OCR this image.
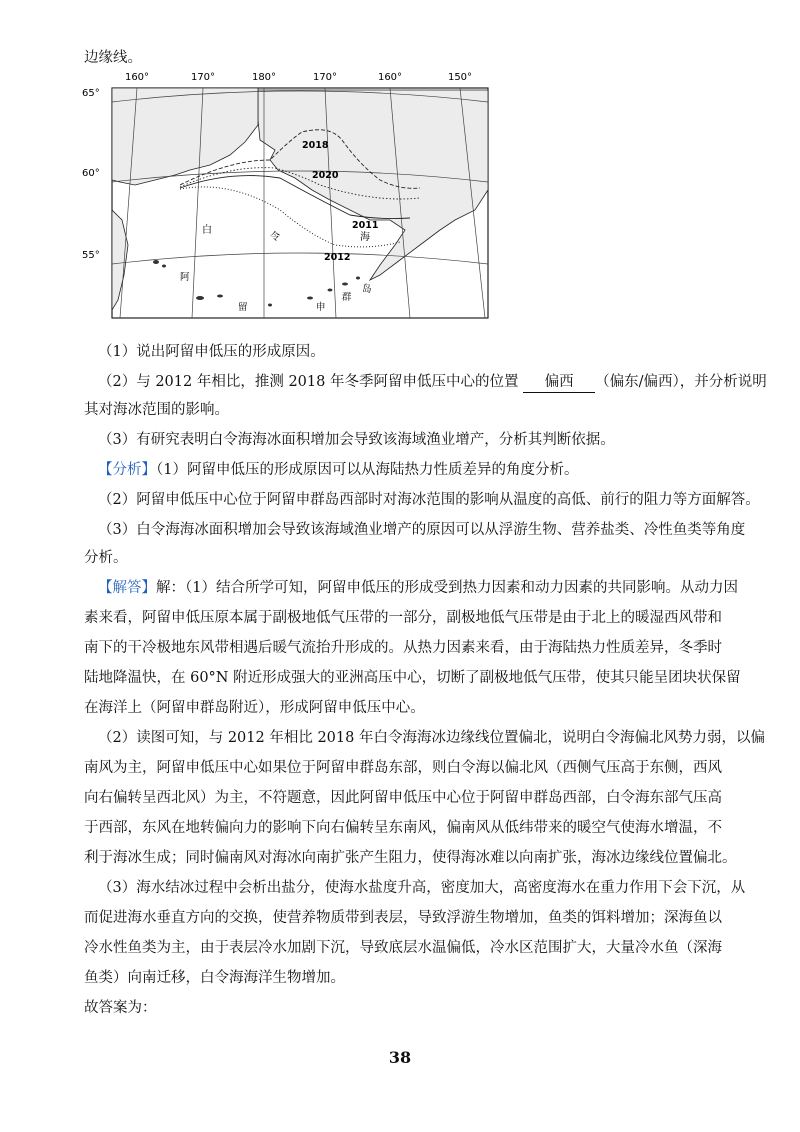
边缘线。
160°	170°	180°	170°	160°	150°
65°
60°
55°
2018
2020
2011
2012
白
令	海
阿
留	申
群
岛
（1）说出阿留申低压的形成原因。
（2）与 2012 年相比，推测 2018 年冬季阿留申低压中心的位置 偏西 （偏东/偏西），并分析说明
其对海冰范围的影响。
（3）有研究表明白令海海冰面积增加会导致该海域渔业增产，分析其判断依据。
【分析】（1）阿留申低压的形成原因可以从海陆热力性质差异的角度分析。
（2）阿留申低压中心位于阿留申群岛西部时对海冰范围的影响从温度的高低、前行的阻力等方面解答。
（3）白令海海冰面积增加会导致该海域渔业增产的原因可以从浮游生物、营养盐类、冷性鱼类等角度
分析。
【解答】解：（1）结合所学可知，阿留申低压的形成受到热力因素和动力因素的共同影响。从动力因
素来看，阿留申低压原本属于副极地低气压带的一部分，副极地低气压带是由于北上的暖湿西风带和
南下的干冷极地东风带相遇后暖气流抬升形成的。从热力因素来看，由于海陆热力性质差异，冬季时
陆地降温快，在 60°N 附近形成强大的亚洲高压中心，切断了副极地低气压带，使其只能呈团块状保留
在海洋上（阿留申群岛附近），形成阿留申低压中心。
（2）读图可知，与 2012 年相比 2018 年白令海海冰边缘线位置偏北，说明白令海偏北风势力弱，以偏
南风为主，阿留申低压中心如果位于阿留申群岛东部，则白令海以偏北风（西侧气压高于东侧，西风
向右偏转呈西北风）为主，不符题意，因此阿留申低压中心位于阿留申群岛西部，白令海东部气压高
于西部，东风在地转偏向力的影响下向右偏转呈东南风，偏南风从低纬带来的暖空气使海水增温，不
利于海冰生成；同时偏南风对海冰向南扩张产生阻力，使得海冰难以向南扩张，海冰边缘线位置偏北。
（3）海水结冰过程中会析出盐分，使海水盐度升高，密度加大，高密度海水在重力作用下会下沉，从
而促进海水垂直方向的交换，使营养物质带到表层，导致浮游生物增加，鱼类的饵料增加；深海鱼以
冷水性鱼类为主，由于表层冷水加剧下沉，导致底层水温偏低，冷水区范围扩大，大量冷水鱼（深海
鱼类）向南迁移，白令海海洋生物增加。
故答案为：
38
